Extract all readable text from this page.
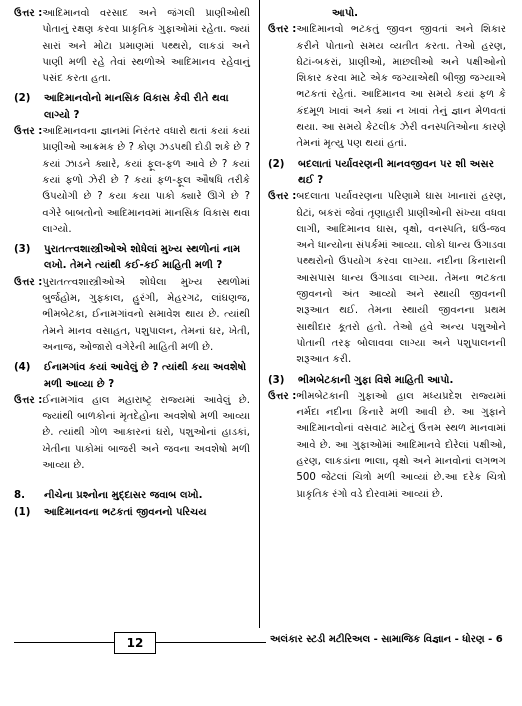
ઉત્તર : આદિમાનવો વરસાદ અને જંગલી પ્રાણીઓથી પોતાનું રક્ષણ કરવા પ્રાકૃતિક ગુફાઓમાં રહેતા. જ્યાં સારાં અને મોટા પ્રમાણમાં પથ્થરો, લાકડાં અને પાણી મળી રહે તેવાં સ્થળોએ આદિમાનવ રહેવાનું પસંદ કરતા હતા.
(2)	આદિમાનવોનો માનસિક વિકાસ કેવી રીતે થવા લાગ્યો ?
ઉત્તર : આદિમાનવના જ્ઞાનમાં નિરંતર વધારો થતાં કયાં કયાં પ્રાણીઓ આક્રમક છે ? કોણ ઝડપથી દોડી શકે છે ? કયાં ઝાડને ક્યારે, કયાં ફૂલ-ફળ આવે છે ? કયાં કયાં ફળો ઝેરી છે ? કયાં ફળ-ફૂલ ઔષધિ તરીકે ઉપયોગી છે ? કયા કયા પાકો ક્યારે ઊગે છે ? વગેરે બાબતોનો આદિમાનવમાં માનસિક વિકાસ થવા લાગ્યો.
(3)	પુરાતત્ત્વશાસ્ત્રીઓએ શોધેલાં મુખ્ય સ્થળોનાં નામ લખો. તેમને ત્યાંથી કઈ-કઈ માહિતી મળી ?
ઉત્તર : પુરાતત્ત્વશાસ્ત્રીઓએ શોધેલા મુખ્ય સ્થળોમાં બુર્જહોમ, ગુફ્કાલ, હુરંગી, મેહરગઢ, લાંઘણજ, ભીમબેટકા, ઈનામગાંવનો સમાવેશ થાય છે. ત્યાંથી તેમને માનવ વસાહત, પશુપાલન, તેમનાં ઘર, ખેતી, અનાજ, ઓજારો વગેરેની માહિતી મળી છે.
(4)	ઈનામગાંવ કયાં આવેલું છે ? ત્યાંથી કયા અવશેષો મળી આવ્યા છે ?
ઉત્તર : ઈનામગાંવ હાલ મહારાષ્ટ્ર રાજ્યમાં આવેલું છે. જ્યાંથી બાળકોનાં મૃતદેહોના અવશેષો મળી આવ્યા છે. ત્યાંથી ગોળ આકારનાં ઘરો, પશુઓનાં હાડકાં, ખેતીના પાકોમાં બાજરી અને જવના અવશેષો મળી આવ્યા છે.
8.	નીચેના પ્રશ્નોના મુદ્દાસર જવાબ લખો.
(1)	આદિમાનવના ભટકતાં જીવનનો પરિચય

આપો.

ઉત્તર : આદિમાનવો ભટકતું જીવન જીવતાં અને શિકાર કરીને પોતાનો સમય વ્યતીત કરતા. તેઓ હરણ, ઘેટાં-બકરાં, પ્રાણીઓ, માછલીઓ અને પક્ષીઓનો શિકાર કરવા માટે એક જગ્યાએથી બીજી જગ્યાએ ભટકતાં રહેતાં. આદિમાનવ આ સમયે કયાં ફળ કે કંદમૂળ ખાવાં અને ક્યાં ન ખાવાં તેનું જ્ઞાન મેળવતાં થયા. આ સમયે કેટલીક ઝેરી વનસ્પતિઓના કારણે તેમનાં મૃત્યુ પણ થયાં હતાં.
(2)	બદલાતાં પર્યાવરણની માનવજીવન પર શી અસર થઈ ?
ઉત્તર : બદલાતા પર્યાવરણના પરિણામે ઘાસ ખાનારાં હરણ, ઘેટાં, બકરાં જેવાં તૃણાહારી પ્રાણીઓની સંખ્યા વધવા લાગી, આદિમાનવ ઘાસ, વૃક્ષો, વનસ્પતિ, ઘઉં-જવ અને ધાન્યોના સંપર્કમાં આવ્યા. લોકો ધાન્ય ઉગાડવા પથ્થરોનો ઉપયોગ કરવા લાગ્યા. નદીના કિનારાની આસપાસ ધાન્ય ઉગાડવા લાગ્યા. તેમના ભટકતા જીવનનો અંત આવ્યો અને સ્થાયી જીવનની શરૂઆત થઈ. તેમના સ્થાયી જીવનના પ્રથમ સાથીદાર કૂતરો હતો. તેઓ હવે અન્ય પશુઓને પોતાની તરફ બોલાવવા લાગ્યા અને પશુપાલનની શરૂઆત કરી.
(3)	ભીમબેટકાની ગુફા વિશે માહિતી આપો.
ઉત્તર : ભીમબેટકાની ગુફાઓ હાલ મધ્યપ્રદેશ રાજ્યમાં નર્મદા નદીના કિનારે મળી આવી છે. આ ગુફાને આદિમાનવોનાં વસવાટ માટેનું ઉત્તમ સ્થળ માનવામાં આવે છે. આ ગુફાઓમાં આદિમાનવે દોરેલાં પક્ષીઓ, હરણ, લાકડાંના ભાલા, વૃક્ષો અને માનવોનાં લગભગ 500 જેટલાં ચિત્રો મળી આવ્યાં છે.આ દરેક ચિત્રો પ્રાકૃતિક રંગો વડે દોરવામાં આવ્યાં છે.
12	અલંકાર સ્ટડી મટીરિઅલ - સામાજિક વિજ્ઞાન - ધોરણ - 6
